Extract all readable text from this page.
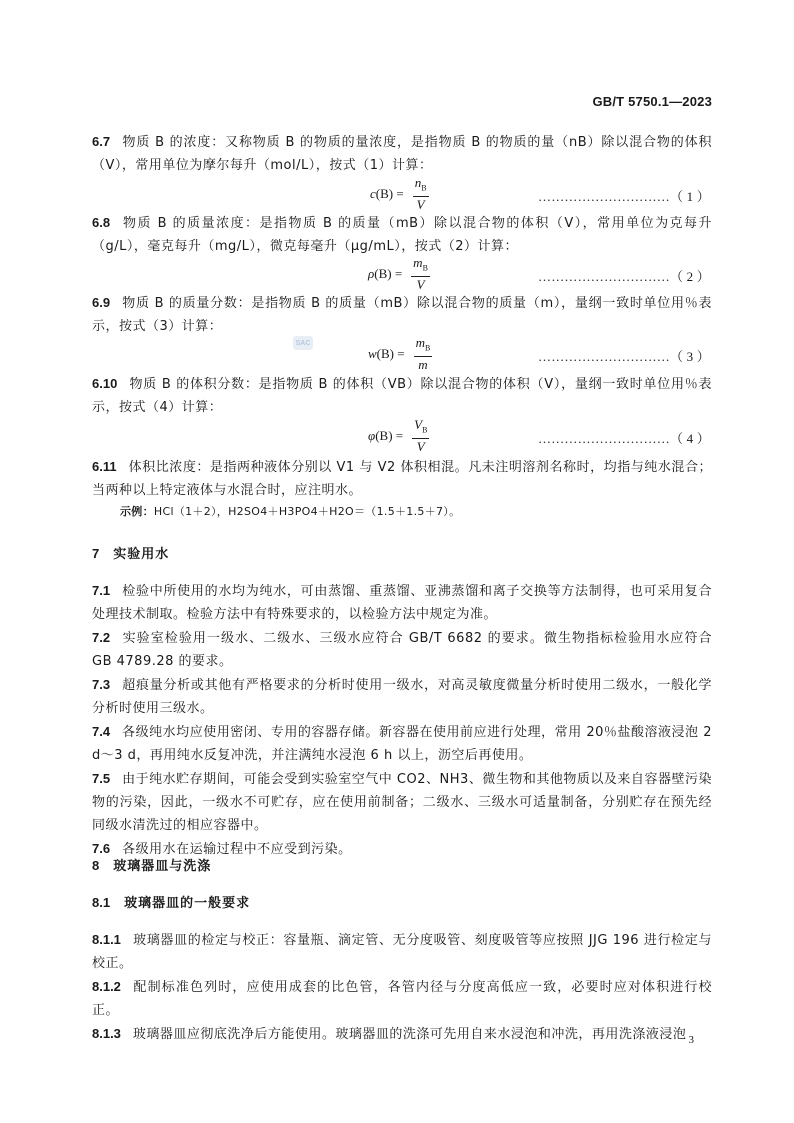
GB/T 5750.1—2023
SAC

6.7 物质 B 的浓度：又称物质 B 的物质的量浓度，是指物质 B 的物质的量（nB）除以混合物的体积（V），常用单位为摩尔每升（mol/L），按式（1）计算：

$c(B) = \frac{n_B}{V}$	…………………………（ 1 ）

6.8 物质 B 的质量浓度：是指物质 B 的质量（mB）除以混合物的体积（V），常用单位为克每升（g/L），毫克每升（mg/L），微克每毫升（μg/mL），按式（2）计算：

$\rho(B) = \frac{m_B}{V}$	…………………………（ 2 ）

6.9 物质 B 的质量分数：是指物质 B 的质量（mB）除以混合物的质量（m），量纲一致时单位用％表示，按式（3）计算：

$w(B) = \frac{m_B}{m}$	…………………………（ 3 ）

6.10 物质 B 的体积分数：是指物质 B 的体积（VB）除以混合物的体积（V），量纲一致时单位用％表示，按式（4）计算：

$\varphi(B) = \frac{V_B}{V}$	…………………………（ 4 ）

6.11 体积比浓度：是指两种液体分别以 V1 与 V2 体积相混。凡未注明溶剂名称时，均指与纯水混合；当两种以上特定液体与水混合时，应注明水。

示例：HCl（1＋2），H2SO4＋H3PO4＋H2O＝（1.5＋1.5＋7）。

7 实验用水

7.1 检验中所使用的水均为纯水，可由蒸馏、重蒸馏、亚沸蒸馏和离子交换等方法制得，也可采用复合处理技术制取。检验方法中有特殊要求的，以检验方法中规定为准。

7.2 实验室检验用一级水、二级水、三级水应符合 GB/T 6682 的要求。微生物指标检验用水应符合 GB 4789.28 的要求。

7.3 超痕量分析或其他有严格要求的分析时使用一级水，对高灵敏度微量分析时使用二级水，一般化学分析时使用三级水。

7.4 各级纯水均应使用密闭、专用的容器存储。新容器在使用前应进行处理，常用 20％盐酸溶液浸泡 2 d～3 d，再用纯水反复冲洗，并注满纯水浸泡 6 h 以上，沥空后再使用。

7.5 由于纯水贮存期间，可能会受到实验室空气中 CO2、NH3、微生物和其他物质以及来自容器壁污染物的污染，因此，一级水不可贮存，应在使用前制备；二级水、三级水可适量制备，分别贮存在预先经同级水清洗过的相应容器中。

7.6 各级用水在运输过程中不应受到污染。

8 玻璃器皿与洗涤
8.1 玻璃器皿的一般要求

8.1.1 玻璃器皿的检定与校正：容量瓶、滴定管、无分度吸管、刻度吸管等应按照 JJG 196 进行检定与校正。

8.1.2 配制标准色列时，应使用成套的比色管，各管内径与分度高低应一致，必要时应对体积进行校正。

8.1.3 玻璃器皿应彻底洗净后方能使用。玻璃器皿的洗涤可先用自来水浸泡和冲洗，再用洗涤液浸泡 3
